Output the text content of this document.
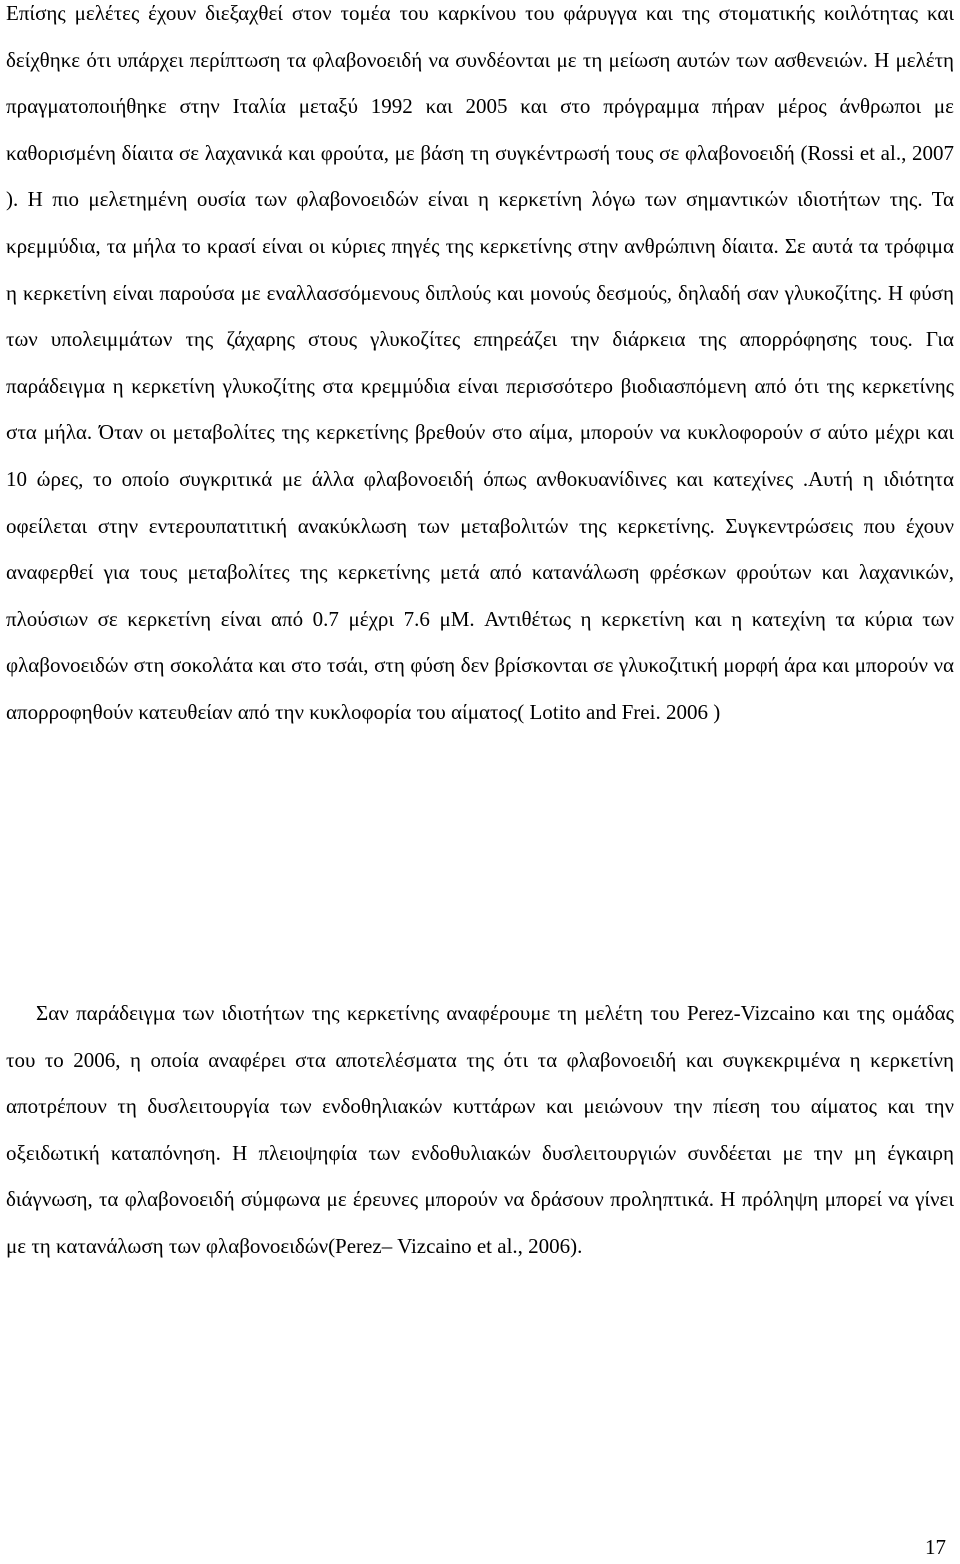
Επίσης μελέτες έχουν διεξαχθεί στον τομέα του καρκίνου του φάρυγγα και της στοματικής κοιλότητας και δείχθηκε ότι υπάρχει περίπτωση τα φλαβονοειδή να συνδέονται με τη μείωση αυτών των ασθενειών. Η μελέτη πραγματοποιήθηκε στην Ιταλία μεταξύ 1992 και 2005 και στο πρόγραμμα πήραν μέρος άνθρωποι με καθορισμένη δίαιτα σε λαχανικά και φρούτα, με βάση τη συγκέντρωσή τους σε φλαβονοειδή (Rossi et al., 2007 ). Η πιο μελετημένη ουσία των φλαβονοειδών είναι η κερκετίνη λόγω των σημαντικών ιδιοτήτων της. Τα κρεμμύδια, τα μήλα το κρασί είναι οι κύριες πηγές της κερκετίνης στην ανθρώπινη δίαιτα. Σε αυτά τα τρόφιμα η κερκετίνη είναι παρούσα με εναλλασσόμενους διπλούς και μονούς δεσμούς, δηλαδή σαν γλυκοζίτης. Η φύση των υπολειμμάτων της ζάχαρης στους γλυκοζίτες επηρεάζει την διάρκεια της απορρόφησης τους. Για παράδειγμα η κερκετίνη γλυκοζίτης στα κρεμμύδια είναι περισσότερο βιοδιασπόμενη από ότι της κερκετίνης στα μήλα. Όταν οι μεταβολίτες της κερκετίνης βρεθούν στο αίμα, μπορούν να κυκλοφορούν σ αύτο μέχρι και 10 ώρες, το οποίο συγκριτικά με άλλα φλαβονοειδή όπως ανθοκυανίδινες και κατεχίνες .Αυτή η ιδιότητα οφείλεται στην εντερουπατιτική ανακύκλωση των μεταβολιτών της κερκετίνης. Συγκεντρώσεις που έχουν αναφερθεί για τους μεταβολίτες της κερκετίνης μετά από κατανάλωση φρέσκων φρούτων και λαχανικών, πλούσιων σε κερκετίνη είναι από 0.7 μέχρι 7.6 μM. Αντιθέτως η κερκετίνη και η κατεχίνη τα κύρια των φλαβονοειδών στη σοκολάτα και στο τσάι, στη φύση δεν βρίσκονται σε γλυκοζιτική μορφή άρα και μπορούν να απορροφηθούν κατευθείαν από την κυκλοφορία του αίματος( Lotito and Frei. 2006 )

Σαν παράδειγμα των ιδιοτήτων της κερκετίνης αναφέρουμε τη μελέτη του Perez-Vizcaino και της ομάδας του το 2006, η οποία αναφέρει στα αποτελέσματα της ότι τα φλαβονοειδή και συγκεκριμένα η κερκετίνη αποτρέπουν τη δυσλειτουργία των ενδοθηλιακών κυττάρων και μειώνουν την πίεση του αίματος και την οξειδωτική καταπόνηση. Η πλειοψηφία των ενδοθυλιακών δυσλειτουργιών συνδέεται με την μη έγκαιρη διάγνωση, τα φλαβονοειδή σύμφωνα με έρευνες μπορούν να δράσουν προληπτικά. Η πρόληψη μπορεί να γίνει με τη κατανάλωση των φλαβονοειδών(Perez– Vizcaino et al., 2006).

17
